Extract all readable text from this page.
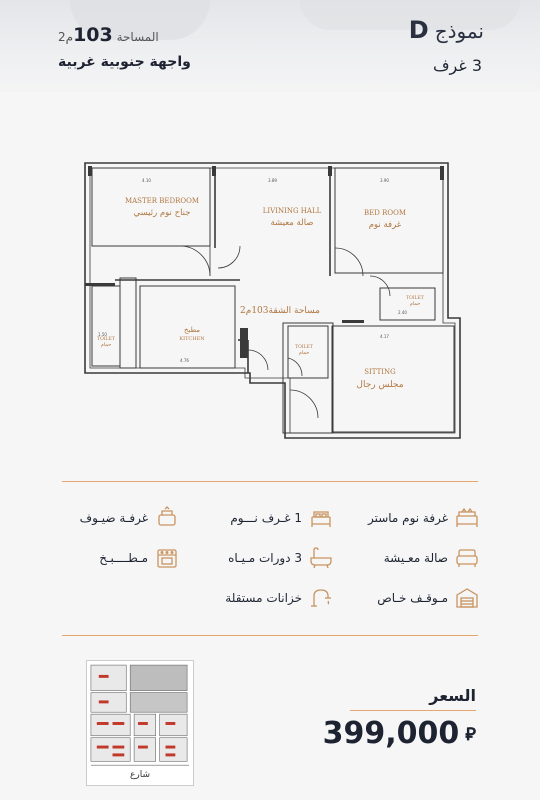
نموذجD
3 غرف
المساحة 103م2
واجهة جنوبية غربية
4.10	3.89	3.90
4.76
2.40
4.17
1.50
MASTER BEDROOM
جناح نوم رئيسي	LIVINING HALL
صالة معيشة
BED ROOM
غرفة نوم
TOILET
حمام
TOILET
حمام
TOILET
حمام
مطبخ
KITCHEN
SITTING
مجلس رجال
مساحة الشقة103م2
غرفة نوم ماستر
1 غـرف نـــوم
غرفـة ضيـوف
صالة معـيشة
3 دورات مـيـاه
مـطــــبـخ
مـوقـف خـاص
خزانات مستقلة
شارع
السعر
399,000 ⃁
